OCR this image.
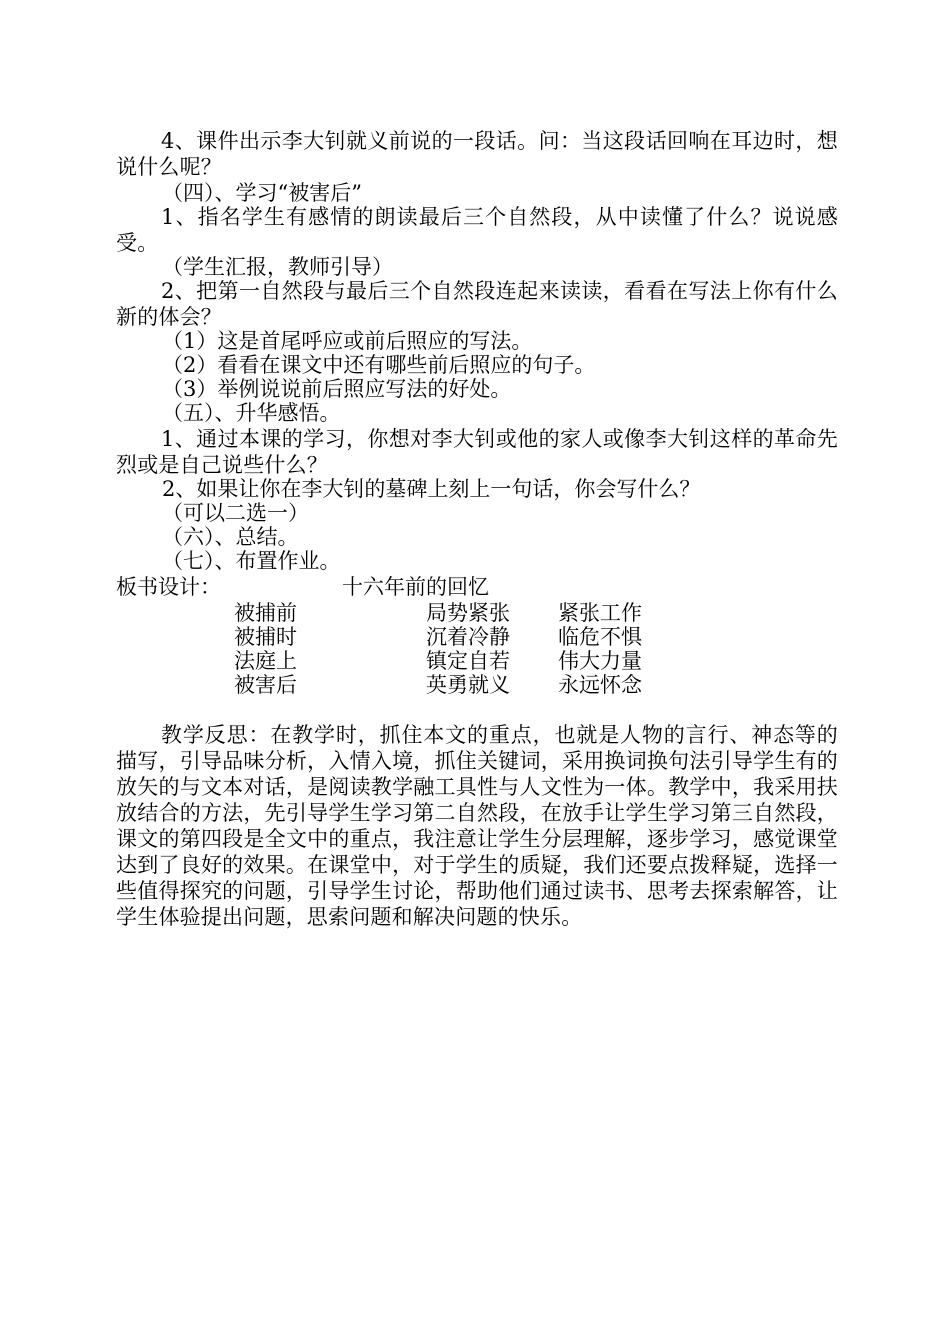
4、课件出示李大钊就义前说的一段话。问：当这段话回响在耳边时，想说什么呢？

（四）、学习“被害后”

1、指名学生有感情的朗读最后三个自然段，从中读懂了什么？说说感受。

（学生汇报，教师引导）

2、把第一自然段与最后三个自然段连起来读读，看看在写法上你有什么新的体会？

（1）这是首尾呼应或前后照应的写法。
（2）看看在课文中还有哪些前后照应的句子。
（3）举例说说前后照应写法的好处。
（五）、升华感悟。

1、通过本课的学习，你想对李大钊或他的家人或像李大钊这样的革命先烈或是自己说些什么？

2、如果让你在李大钊的墓碑上刻上一句话，你会写什么？
（可以二选一）
（六）、总结。
（七）、布置作业。
板书设计：	十六年前的回忆
被捕前	局势紧张 紧张工作
被捕时	沉着冷静 临危不惧
法庭上	镇定自若 伟大力量
被害后	英勇就义 永远怀念

教学反思：在教学时，抓住本文的重点，也就是人物的言行、神态等的描写，引导品味分析，入情入境，抓住关键词，采用换词换句法引导学生有的放矢的与文本对话，是阅读教学融工具性与人文性为一体。教学中，我采用扶放结合的方法，先引导学生学习第二自然段，在放手让学生学习第三自然段，课文的第四段是全文中的重点，我注意让学生分层理解，逐步学习，感觉课堂达到了良好的效果。在课堂中，对于学生的质疑，我们还要点拨释疑，选择一些值得探究的问题，引导学生讨论，帮助他们通过读书、思考去探索解答，让学生体验提出问题，思索问题和解决问题的快乐。
